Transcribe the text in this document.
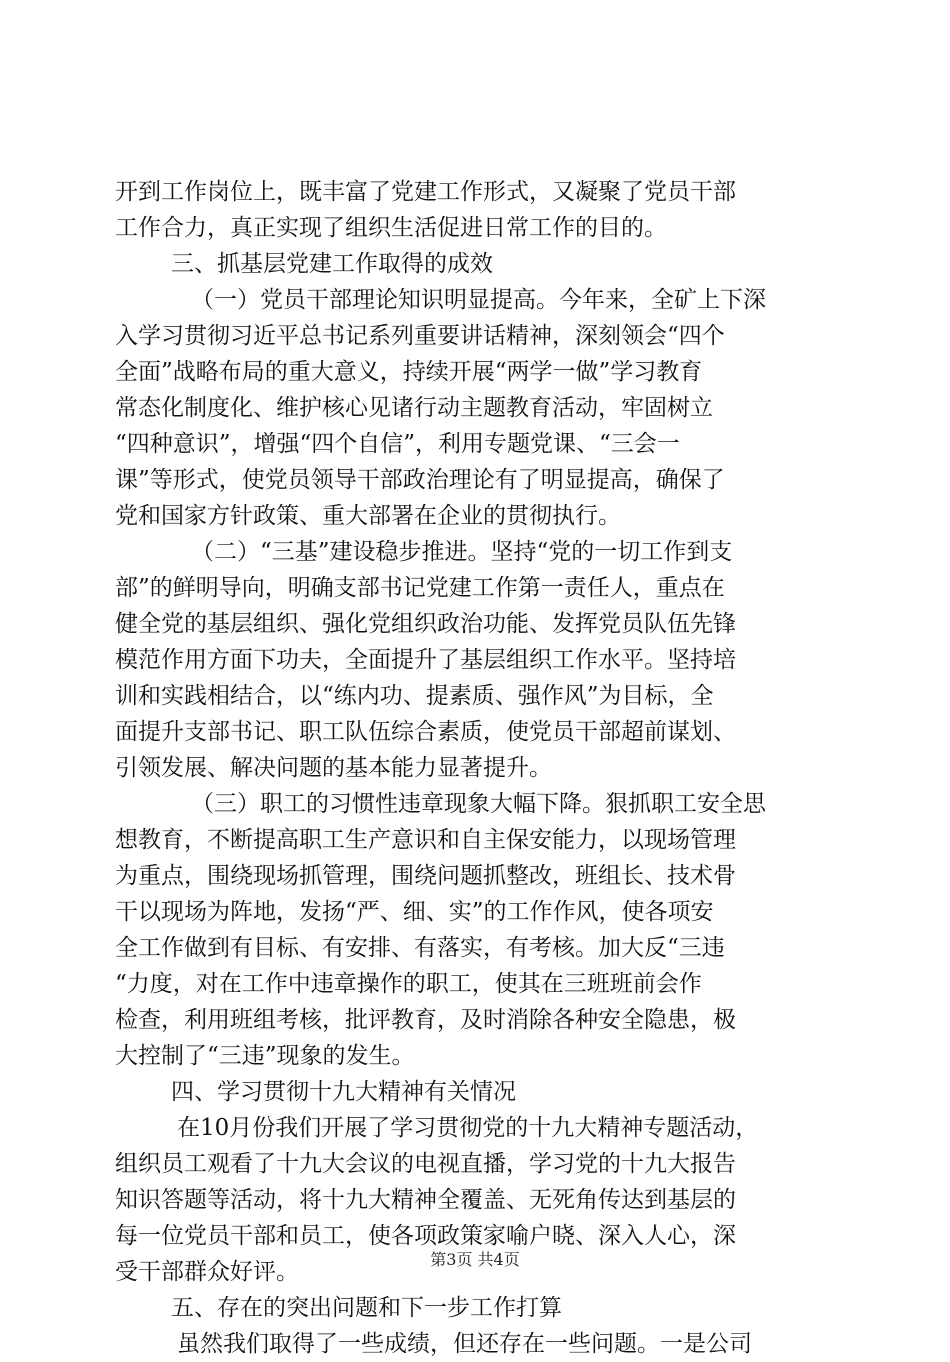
开到工作岗位上，既丰富了党建工作形式，又凝聚了党员干部
工作合力，真正实现了组织生活促进日常工作的目的。
三、抓基层党建工作取得的成效
（一）党员干部理论知识明显提高。今年来，全矿上下深
入学习贯彻习近平总书记系列重要讲话精神，深刻领会“四个
全面”战略布局的重大意义，持续开展“两学一做”学习教育
常态化制度化、维护核心见诸行动主题教育活动，牢固树立
“四种意识”，增强“四个自信”，利用专题党课、“三会一
课”等形式，使党员领导干部政治理论有了明显提高，确保了
党和国家方针政策、重大部署在企业的贯彻执行。
（二）“三基”建设稳步推进。坚持“党的一切工作到支
部”的鲜明导向，明确支部书记党建工作第一责任人，重点在
健全党的基层组织、强化党组织政治功能、发挥党员队伍先锋
模范作用方面下功夫，全面提升了基层组织工作水平。坚持培
训和实践相结合，以“练内功、提素质、强作风”为目标，全
面提升支部书记、职工队伍综合素质，使党员干部超前谋划、
引领发展、解决问题的基本能力显著提升。
（三）职工的习惯性违章现象大幅下降。狠抓职工安全思
想教育，不断提高职工生产意识和自主保安能力，以现场管理
为重点，围绕现场抓管理，围绕问题抓整改，班组长、技术骨
干以现场为阵地，发扬“严、细、实”的工作作风，使各项安
全工作做到有目标、有安排、有落实，有考核。加大反“三违
“力度，对在工作中违章操作的职工，使其在三班班前会作
检查，利用班组考核，批评教育，及时消除各种安全隐患，极
大控制了“三违”现象的发生。
四、学习贯彻十九大精神有关情况
在10月份我们开展了学习贯彻党的十九大精神专题活动，
组织员工观看了十九大会议的电视直播，学习党的十九大报告
知识答题等活动，将十九大精神全覆盖、无死角传达到基层的
每一位党员干部和员工，使各项政策家喻户晓、深入人心，深
受干部群众好评。
五、存在的突出问题和下一步工作打算
虽然我们取得了一些成绩，但还存在一些问题。一是公司
第3页 共4页
